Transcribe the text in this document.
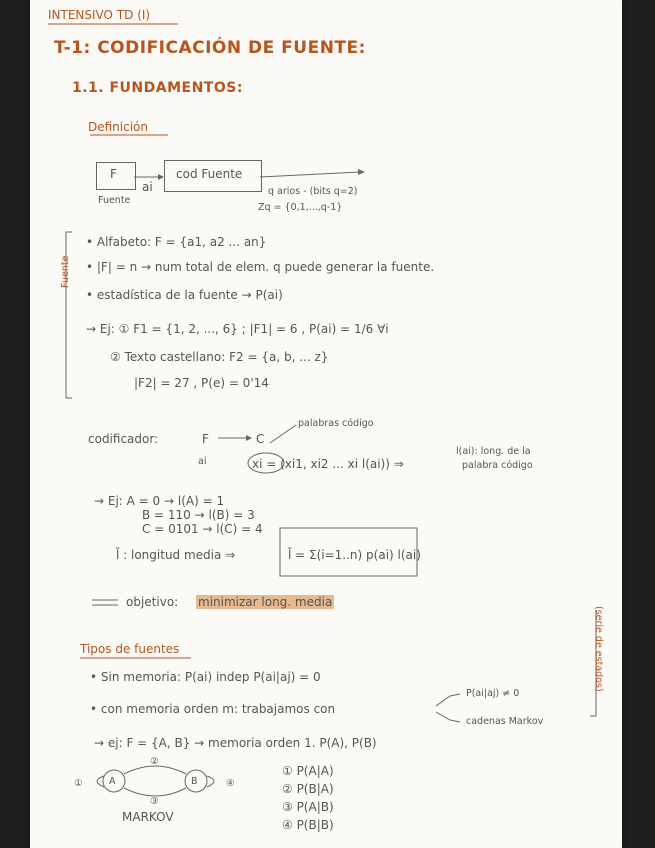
INTENSIVO TD (I)
T-1: CODIFICACIÓN DE FUENTE:
1.1. FUNDAMENTOS:
Definición
F
Fuente
ai
cod Fuente
q arios - (bits q=2)
Zq = {0,1,...,q-1}
Fuente
• Alfabeto: F = {a1, a2 ... an}
• |F| = n → num total de elem. q puede generar la fuente.
• estadística de la fuente → P(ai)
→ Ej: ① F1 = {1, 2, ..., 6} ; |F1| = 6 , P(ai) = 1/6 ∀i
② Texto castellano: F2 = {a, b, ... z}
|F2| = 27 , P(e) = 0'14
codificador:	F	C
palabras código
ai	xi = (xi1, xi2 ... xi l(ai)) ⇒
l(ai): long. de la
palabra código
→ Ej: A = 0 → l(A) = 1
B = 110 → l(B) = 3
C = 0101 → l(C) = 4
l̄ : longitud media ⇒	l̄ = Σ(i=1..n) p(ai) l(ai)
objetivo: minimizar long. media
Tipos de fuentes
• Sin memoria: P(ai) indep P(ai|aj) = 0
• con memoria orden m: trabajamos con
P(ai|aj) ≠ 0
cadenas Markov
(serie de estados)
→ ej: F = {A, B} → memoria orden 1. P(A), P(B)
A	B
②
③
①	④
MARKOV
① P(A|A)
② P(B|A)
③ P(A|B)
④ P(B|B)
